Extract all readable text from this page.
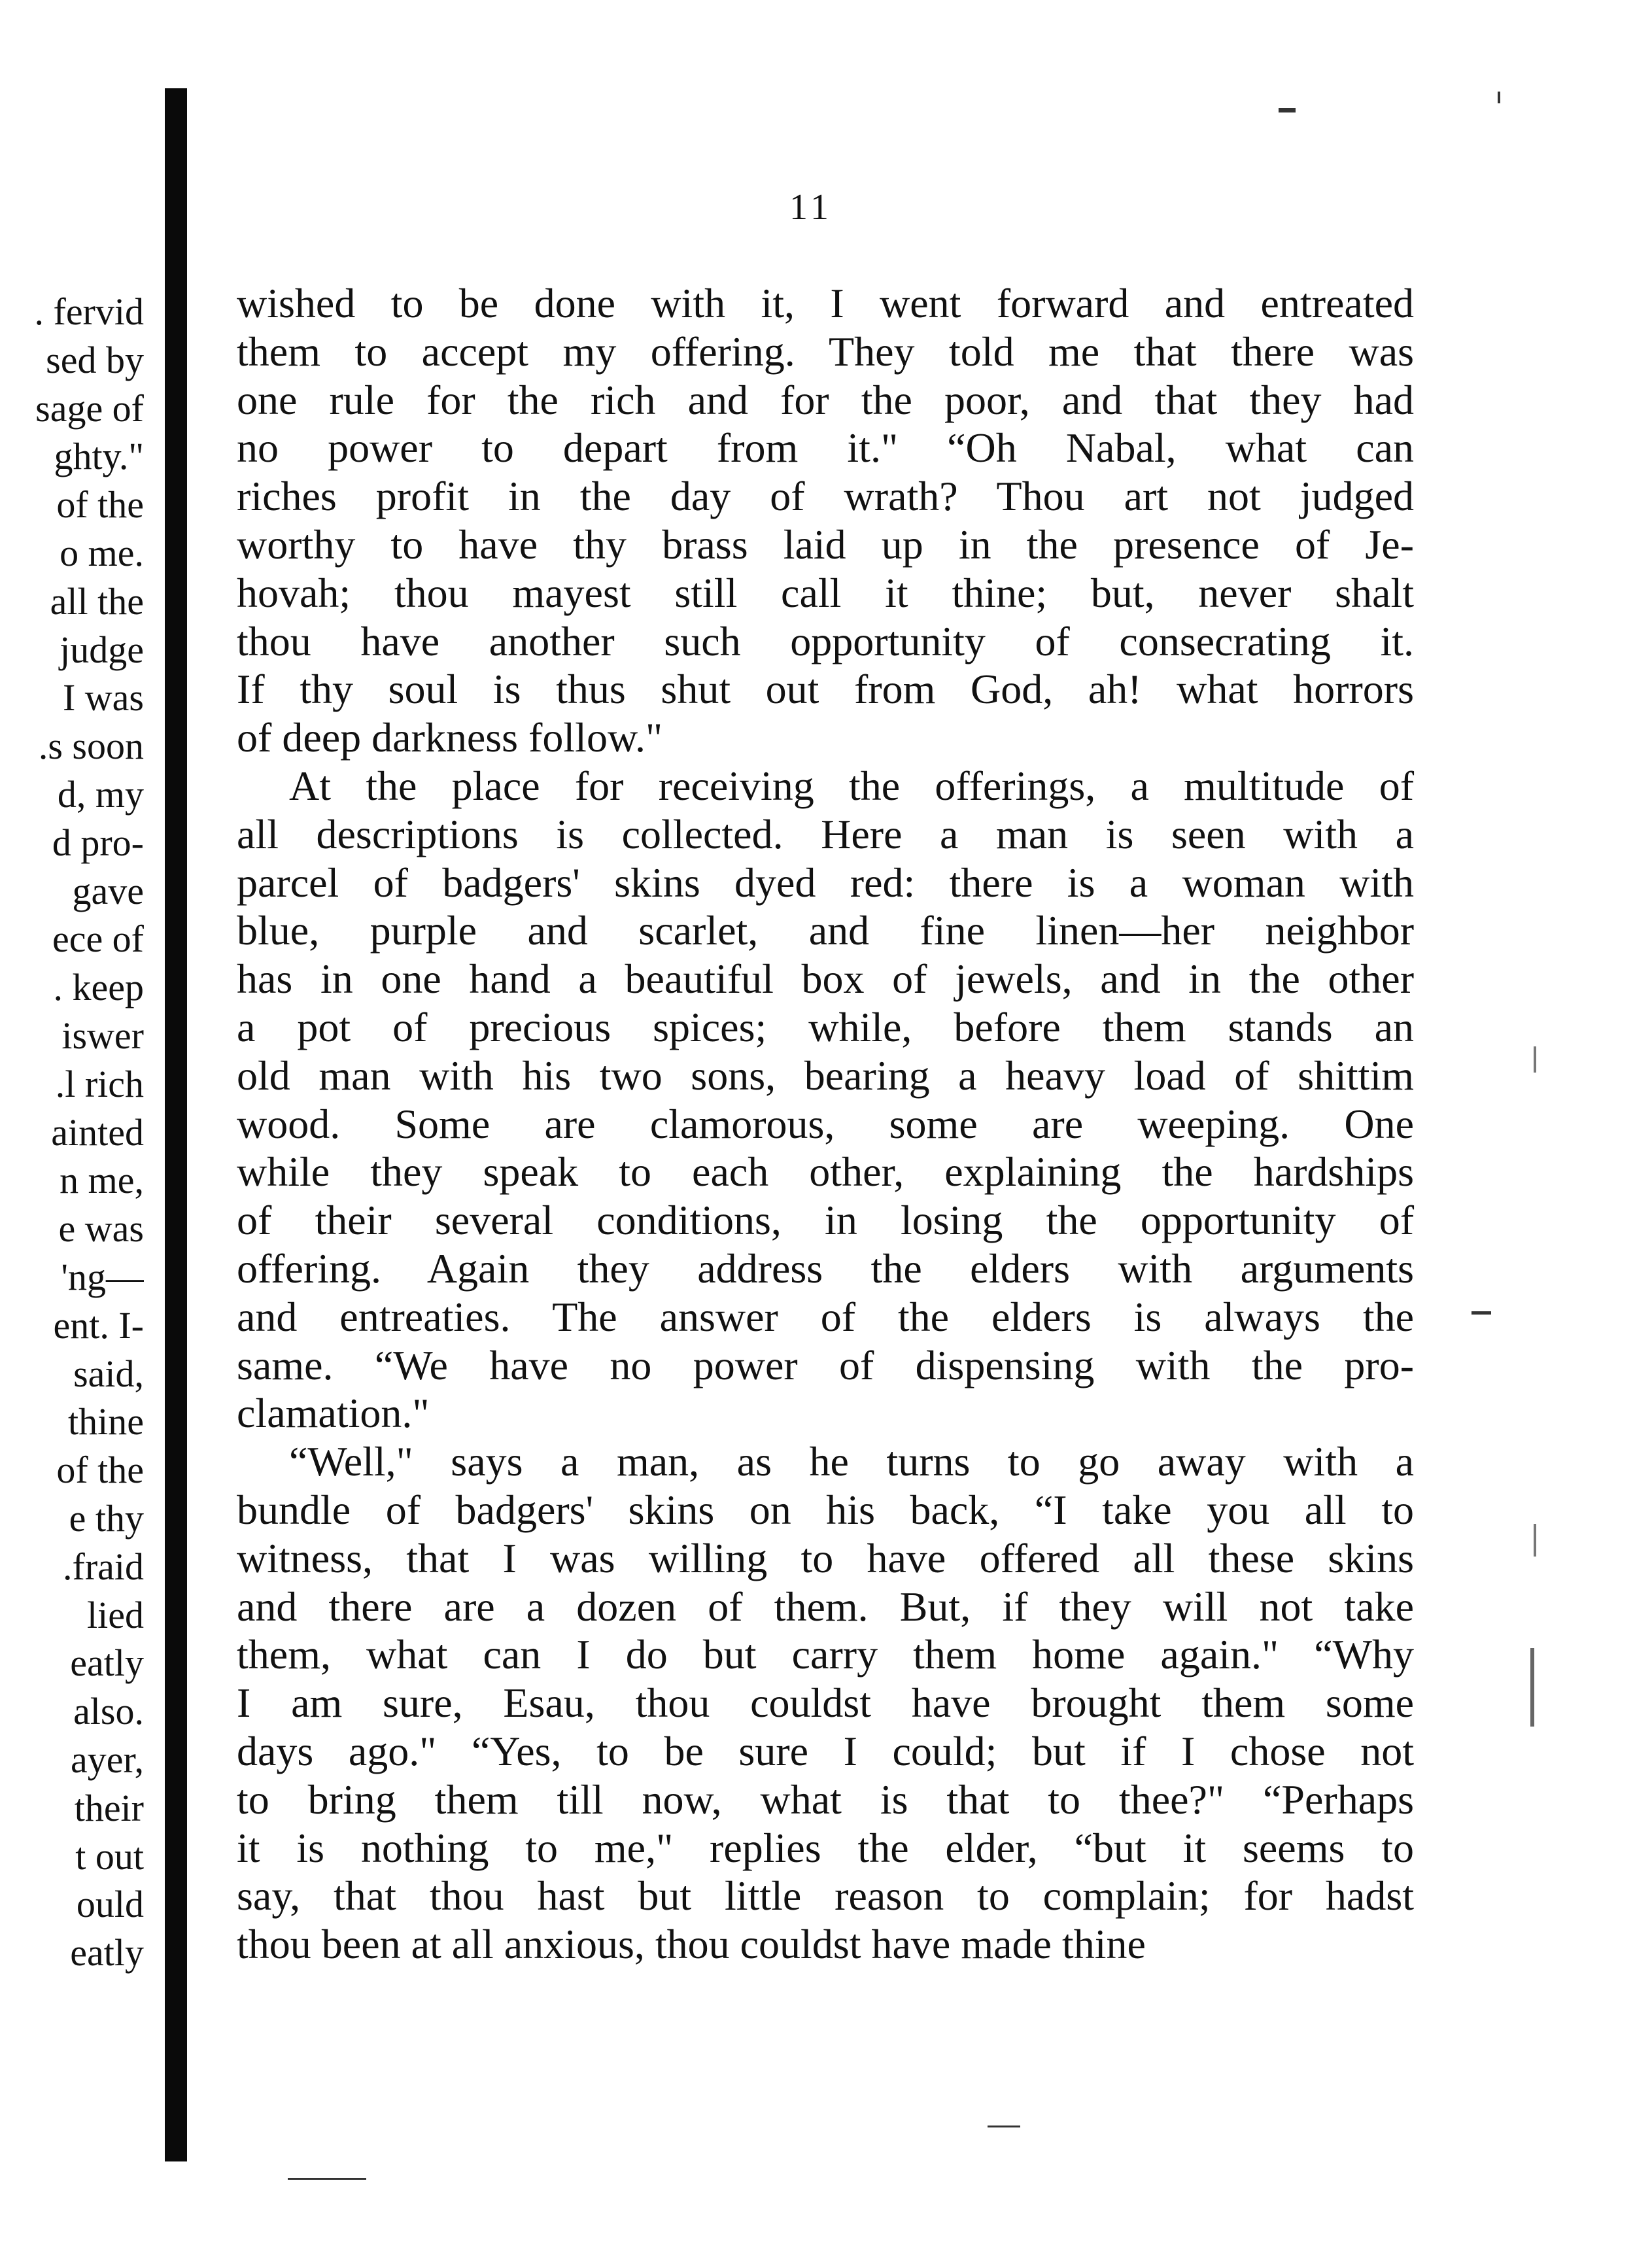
. fervid
sed by
sage of
ghty."
of the
o me.
all the
judge
I was
.s soon
d, my
d pro-
gave
ece of
. keep
iswer
.l rich
ainted
n me,
e was
'ng—
ent. I-
said,
thine
of the
e thy
.fraid
lied
eatly
also.
ayer,
their
t out
ould
eatly
11
wished to be done with it, I went forward and entreated
them to accept my offering. They told me that there was
one rule for the rich and for the poor, and that they had
no power to depart from it." “Oh Nabal, what can
riches profit in the day of wrath? Thou art not judged
worthy to have thy brass laid up in the presence of Je-
hovah; thou mayest still call it thine; but, never shalt
thou have another such opportunity of consecrating it.
If thy soul is thus shut out from God, ah! what horrors
of deep darkness follow."
At the place for receiving the offerings, a multitude of
all descriptions is collected. Here a man is seen with a
parcel of badgers' skins dyed red: there is a woman with
blue, purple and scarlet, and fine linen—her neighbor
has in one hand a beautiful box of jewels, and in the other
a pot of precious spices; while, before them stands an
old man with his two sons, bearing a heavy load of shittim
wood. Some are clamorous, some are weeping. One
while they speak to each other, explaining the hardships
of their several conditions, in losing the opportunity of
offering. Again they address the elders with arguments
and entreaties. The answer of the elders is always the
same. “We have no power of dispensing with the pro-
clamation."
“Well," says a man, as he turns to go away with a
bundle of badgers' skins on his back, “I take you all to
witness, that I was willing to have offered all these skins
and there are a dozen of them. But, if they will not take
them, what can I do but carry them home again." “Why
I am sure, Esau, thou couldst have brought them some
days ago." “Yes, to be sure I could; but if I chose not
to bring them till now, what is that to thee?" “Perhaps
it is nothing to me," replies the elder, “but it seems to
say, that thou hast but little reason to complain; for hadst
thou been at all anxious, thou couldst have made thine
